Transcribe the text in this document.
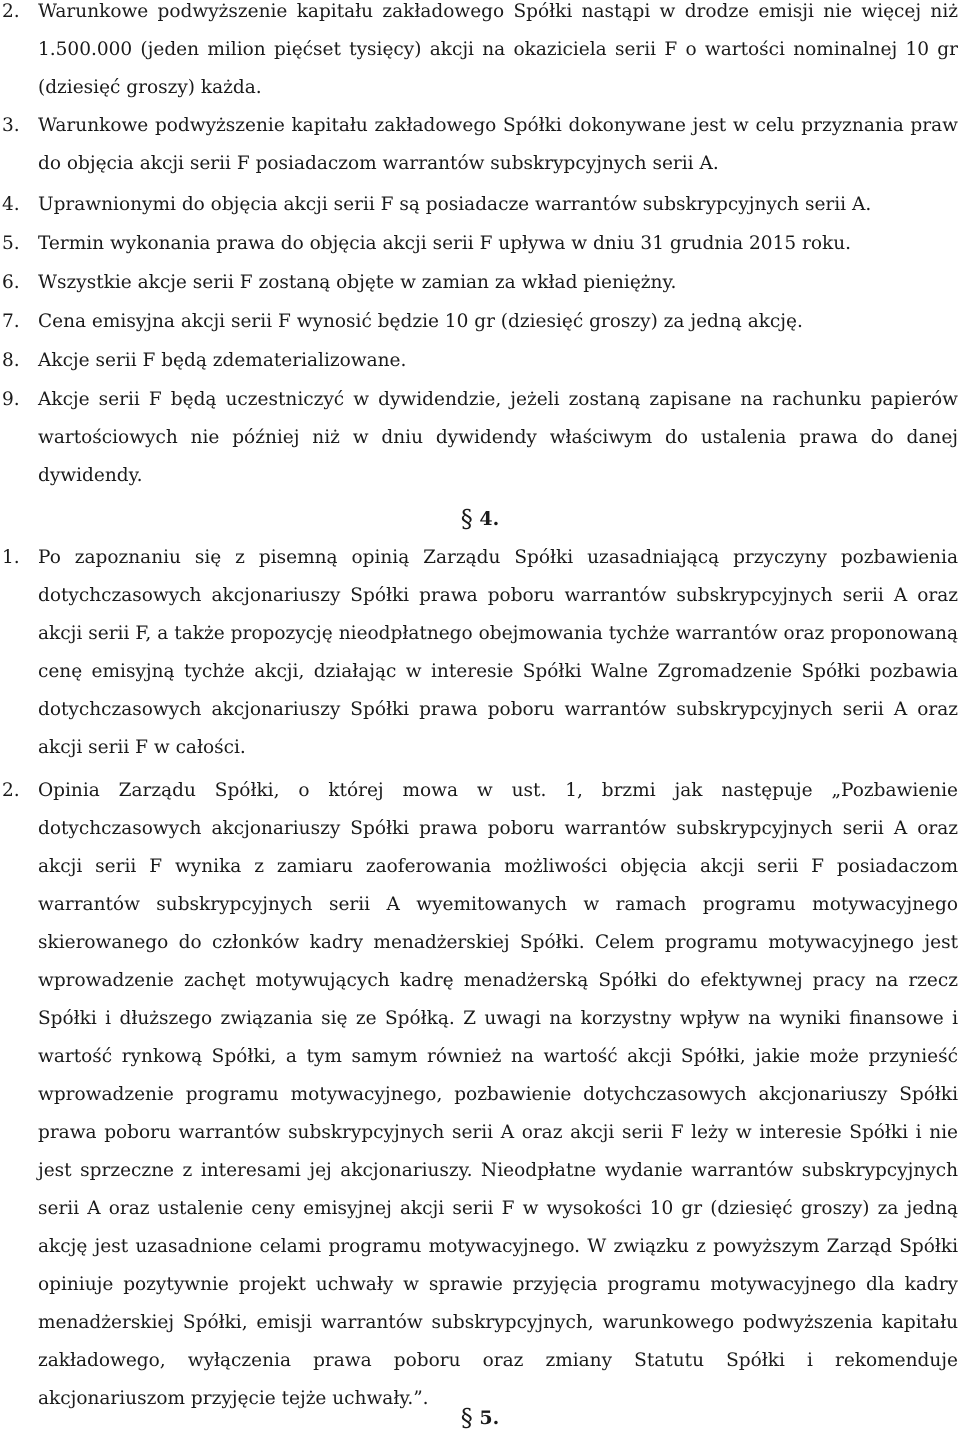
2. Warunkowe podwyższenie kapitału zakładowego Spółki nastąpi w drodze emisji nie więcej niż 1.500.000 (jeden milion pięćset tysięcy) akcji na okaziciela serii F o wartości nominalnej 10 gr (dziesięć groszy) każda.
3. Warunkowe podwyższenie kapitału zakładowego Spółki dokonywane jest w celu przyznania praw do objęcia akcji serii F posiadaczom warrantów subskrypcyjnych serii A.
4. Uprawnionymi do objęcia akcji serii F są posiadacze warrantów subskrypcyjnych serii A.
5. Termin wykonania prawa do objęcia akcji serii F upływa w dniu 31 grudnia 2015 roku.
6. Wszystkie akcje serii F zostaną objęte w zamian za wkład pieniężny.
7. Cena emisyjna akcji serii F wynosić będzie 10 gr (dziesięć groszy) za jedną akcję.
8. Akcje serii F będą zdematerializowane.
9. Akcje serii F będą uczestniczyć w dywidendzie, jeżeli zostaną zapisane na rachunku papierów wartościowych nie później niż w dniu dywidendy właściwym do ustalenia prawa do danej dywidendy.
§ 4.
1. Po zapoznaniu się z pisemną opinią Zarządu Spółki uzasadniającą przyczyny pozbawienia dotychczasowych akcjonariuszy Spółki prawa poboru warrantów subskrypcyjnych serii A oraz akcji serii F, a także propozycję nieodpłatnego obejmowania tychże warrantów oraz proponowaną cenę emisyjną tychże akcji, działając w interesie Spółki Walne Zgromadzenie Spółki pozbawia dotychczasowych akcjonariuszy Spółki prawa poboru warrantów subskrypcyjnych serii A oraz akcji serii F w całości.
2. Opinia Zarządu Spółki, o której mowa w ust. 1, brzmi jak następuje „Pozbawienie dotychczasowych akcjonariuszy Spółki prawa poboru warrantów subskrypcyjnych serii A oraz akcji serii F wynika z zamiaru zaoferowania możliwości objęcia akcji serii F posiadaczom warrantów subskrypcyjnych serii A wyemitowanych w ramach programu motywacyjnego skierowanego do członków kadry menadżerskiej Spółki. Celem programu motywacyjnego jest wprowadzenie zachęt motywujących kadrę menadżerską Spółki do efektywnej pracy na rzecz Spółki i dłuższego związania się ze Spółką. Z uwagi na korzystny wpływ na wyniki finansowe i wartość rynkową Spółki, a tym samym również na wartość akcji Spółki, jakie może przynieść wprowadzenie programu motywacyjnego, pozbawienie dotychczasowych akcjonariuszy Spółki prawa poboru warrantów subskrypcyjnych serii A oraz akcji serii F leży w interesie Spółki i nie jest sprzeczne z interesami jej akcjonariuszy. Nieodpłatne wydanie warrantów subskrypcyjnych serii A oraz ustalenie ceny emisyjnej akcji serii F w wysokości 10 gr (dziesięć groszy) za jedną akcję jest uzasadnione celami programu motywacyjnego. W związku z powyższym Zarząd Spółki opiniuje pozytywnie projekt uchwały w sprawie przyjęcia programu motywacyjnego dla kadry menadżerskiej Spółki, emisji warrantów subskrypcyjnych, warunkowego podwyższenia kapitału zakładowego, wyłączenia prawa poboru oraz zmiany Statutu Spółki i rekomenduje akcjonariuszom przyjęcie tejże uchwały.”.
§ 5.
